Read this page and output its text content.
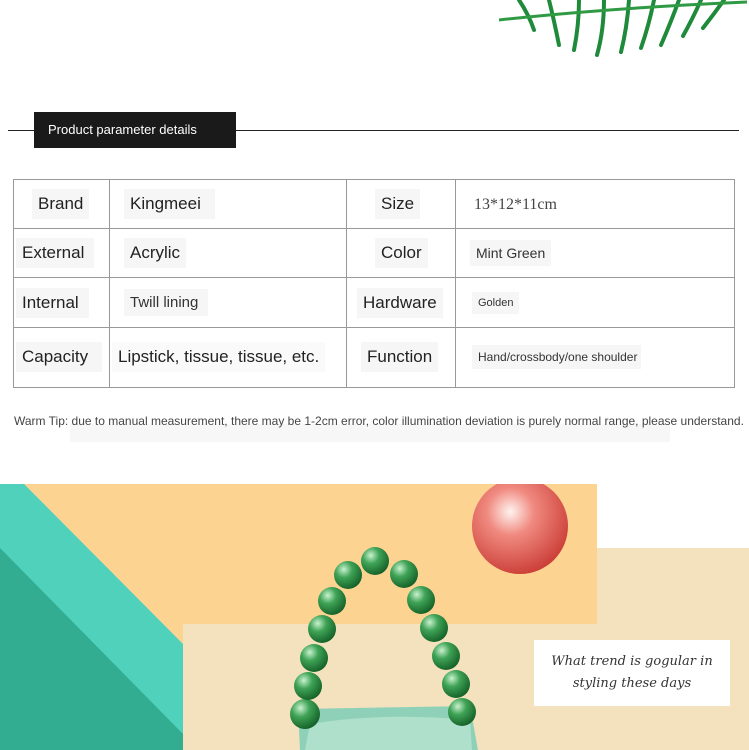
Product parameter details
Brand	Kingmeei	Size	13*12*11cm
External	Acrylic	Color	Mint Green
Internal	Twill lining	Hardware	Golden
Capacity	Lipstick, tissue, tissue, etc.	Function	Hand/crossbody/one shoulder
Warm Tip: due to manual measurement, there may be 1-2cm error, color illumination deviation is purely normal range, please understand.
What trend is gogular in
styling these days
